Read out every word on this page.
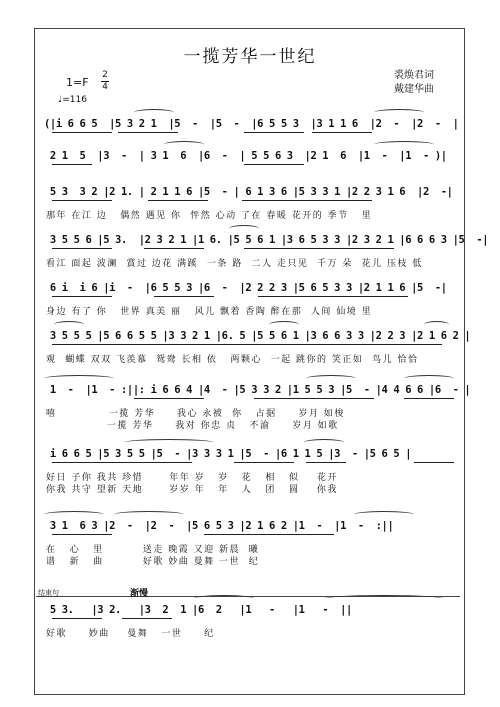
一揽芳华一世纪
裘焕君词
戴建华曲
1=F
2
4
♩=116
(|i 6 6 5  |5 3 2 1  |5  -  |5  -  |6 5 5 3  |3 1 1 6  |2  -  |2  -  |
2 1  5  |3  -  | 3 1  6  |6  -  | 5 5 6 3  |2 1  6  |1  -  |1  - )|
5 3  3 2 |2 1. | 2 1 1 6 |5  - | 6 1 3 6 |5 3 3 1 |2 2 3 1 6  |2  -|
那年 在江 边   偶然 遇见 你  怦然 心动 了在 春暖 花开的 季节   里
3 5 5 6 |5 3.  |2 3 2 1 |1 6. |5 5 6 1 |3 6 5 3 3 |2 3 2 1 |6 6 6 3 |5  -|
看江 面起 波澜  賞过 边花 满蹊  一条 路  二人 走只见  千万 朵  花儿 压枝 低
6 i  i 6 |i  -  |6 5 5 3 |6  -  |2 2 2 3 |5 6 5 3 3 |2 1 1 6 |5  -|
身边 有了 你   世界 真美 丽   风儿 飘着 香陶 醉在那  人间 仙境 里
3 5 5 5 |5 6 6 5 5 |3 3 2 1 |6. 5 |5 5 6 1 |3 6 6 3 3 |2 2 3 |2 1 6 2 |
观  蝴蝶 双双 飞羡慕  鸳鸯 长相 依   两颗心  一起 跳你的 笑正如  鸟儿 恰恰
1  -  |1  - :||: i 6 6 4 |4  - |5 3 3 2 |1 5 5 3 |5  - |4 4 6 6 |6  - |
嘻            一揽 芳华     我心 永被  你   占据     岁月 如梭
一揽 芳华     我对 你忠 贞   不渝     岁月 如歌
i 6 6 5 |5 3 5 5 |5  - |3 3 3 1 |5  - |6 1 1 5 |3  - |5 6 5 |
好日 子你 我共 珍惜      年年 岁   岁   花   相   似    花开
你我 共守 望新 天地      岁岁 年   年   人   团   圆    你我
3 1  6 3 |2  -  |2  -  |5 6 5 3 |2 1 6 2 |1  -  |1  -  :||
在   心   里         送走 晚霞 又迎 新晨  曦
谱   新   曲         好歌 妙曲 曼舞 一世  纪
结束句	渐慢
5 3.   |3 2.   |3  2  1 |6  2   |1   -   |1   -  ||
好歌     妙曲    曼舞   一世     纪
